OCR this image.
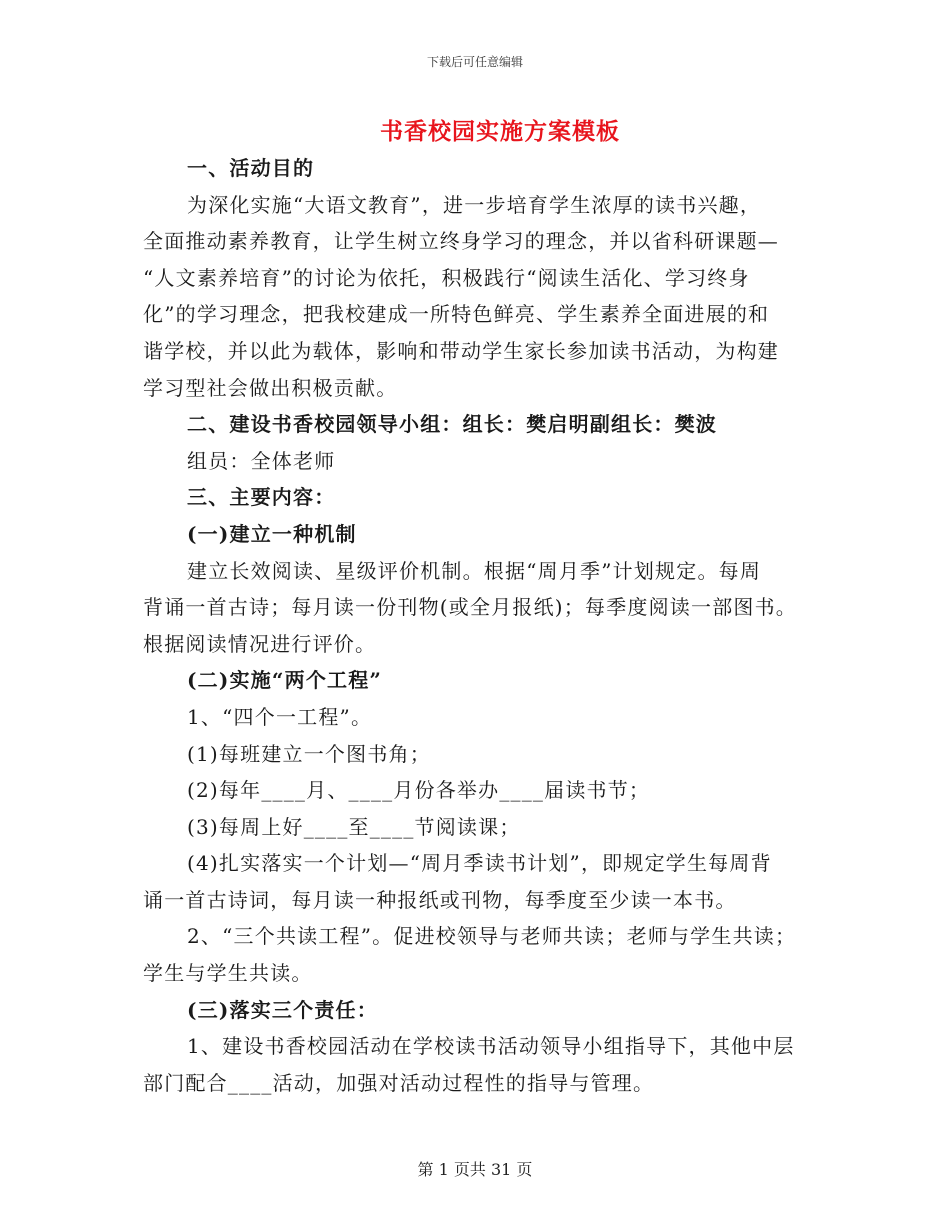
下载后可任意编辑
书香校园实施方案模板
一、活动目的
为深化实施“大语文教育”，进一步培育学生浓厚的读书兴趣，
全面推动素养教育，让学生树立终身学习的理念，并以省科研课题—
“人文素养培育”的讨论为依托，积极践行“阅读生活化、学习终身
化”的学习理念，把我校建成一所特色鲜亮、学生素养全面进展的和
谐学校，并以此为载体，影响和带动学生家长参加读书活动，为构建
学习型社会做出积极贡献。
二、建设书香校园领导小组：组长：樊启明副组长：樊波
组员：全体老师
三、主要内容：
(一)建立一种机制
建立长效阅读、星级评价机制。根据“周月季”计划规定。每周
背诵一首古诗；每月读一份刊物(或全月报纸)；每季度阅读一部图书。
根据阅读情况进行评价。
(二)实施“两个工程”
1、“四个一工程”。
(1)每班建立一个图书角；
(2)每年____月、____月份各举办____届读书节；
(3)每周上好____至____节阅读课；
(4)扎实落实一个计划—“周月季读书计划”，即规定学生每周背
诵一首古诗词，每月读一种报纸或刊物，每季度至少读一本书。
2、“三个共读工程”。促进校领导与老师共读；老师与学生共读；
学生与学生共读。
(三)落实三个责任：
1、建设书香校园活动在学校读书活动领导小组指导下，其他中层
部门配合____活动，加强对活动过程性的指导与管理。
第 1 页共 31 页
